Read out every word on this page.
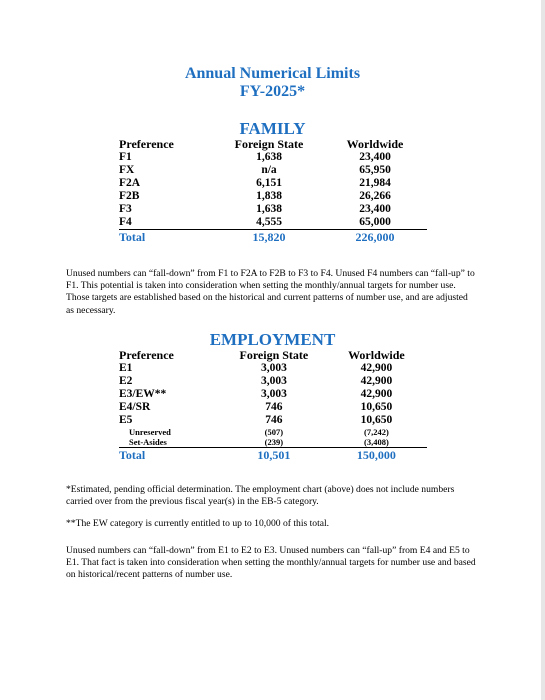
Annual Numerical Limits
FY-2025*
FAMILY
Preference	Foreign State	Worldwide
F1	1,638	23,400
FX	n/a	65,950
F2A	6,151	21,984
F2B	1,838	26,266
F3	1,638	23,400
F4	4,555	65,000
Total	15,820	226,000
Unused numbers can “fall-down” from F1 to F2A to F2B to F3 to F4. Unused F4 numbers can “fall-up” to F1. This potential is taken into consideration when setting the monthly/annual targets for number use. Those targets are established based on the historical and current patterns of number use, and are adjusted as necessary.
EMPLOYMENT
Preference	Foreign State	Worldwide
E1	3,003	42,900
E2	3,003	42,900
E3/EW**	3,003	42,900
E4/SR	746	10,650
E5	746	10,650
Unreserved	(507)	(7,242)
Set-Asides	(239)	(3,408)
Total	10,501	150,000
*Estimated, pending official determination. The employment chart (above) does not include numbers carried over from the previous fiscal year(s) in the EB-5 category.
**The EW category is currently entitled to up to 10,000 of this total.
Unused numbers can “fall-down” from E1 to E2 to E3. Unused numbers can “fall-up” from E4 and E5 to E1. That fact is taken into consideration when setting the monthly/annual targets for number use and based on historical/recent patterns of number use.
